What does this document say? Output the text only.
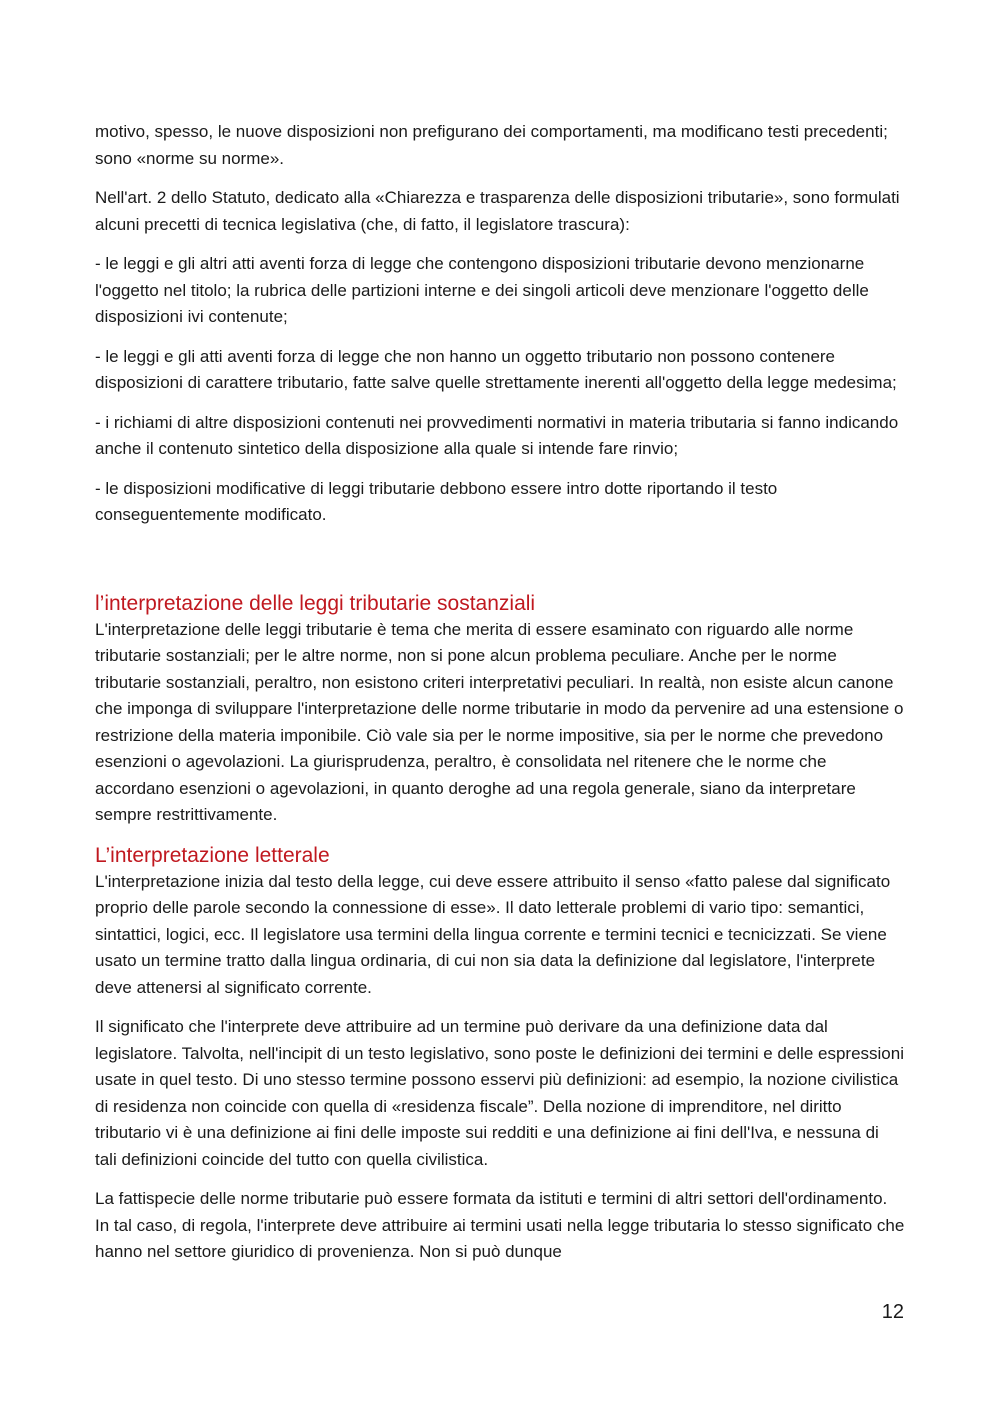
motivo, spesso, le nuove disposizioni non prefigurano dei comportamenti, ma modificano testi precedenti; sono «norme su norme».

Nell'art. 2 dello Statuto, dedicato alla «Chiarezza e trasparenza delle disposizioni tributarie», sono formulati alcuni precetti di tecnica legislativa (che, di fatto, il legislatore trascura):

- le leggi e gli altri atti aventi forza di legge che contengono disposizioni tributarie devono menzionarne l'oggetto nel titolo; la rubrica delle partizioni interne e dei singoli articoli deve menzionare l'oggetto delle disposizioni ivi contenute;

- le leggi e gli atti aventi forza di legge che non hanno un oggetto tributario non possono contenere disposizioni di carattere tributario, fatte salve quelle strettamente inerenti all'oggetto della legge medesima;

- i richiami di altre disposizioni contenuti nei provvedimenti normativi in materia tributaria si fanno indicando anche il contenuto sintetico della disposizione alla quale si intende fare rinvio;

- le disposizioni modificative di leggi tributarie debbono essere intro dotte riportando il testo conseguentemente modificato.

l’interpretazione delle leggi tributarie sostanziali

L'interpretazione delle leggi tributarie è tema che merita di essere esaminato con riguardo alle norme tributarie sostanziali; per le altre norme, non si pone alcun problema peculiare. Anche per le norme tributarie sostanziali, peraltro, non esistono criteri interpretativi peculiari. In realtà, non esiste alcun canone che imponga di sviluppare l'interpretazione delle norme tributarie in modo da pervenire ad una estensione o restrizione della materia imponibile. Ciò vale sia per le norme impositive, sia per le norme che prevedono esenzioni o agevolazioni. La giurisprudenza, peraltro, è consolidata nel ritenere che le norme che accordano esenzioni o agevolazioni, in quanto deroghe ad una regola generale, siano da interpretare sempre restrittivamente.

L’interpretazione letterale

L'interpretazione inizia dal testo della legge, cui deve essere attribuito il senso «fatto palese dal significato proprio delle parole secondo la connessione di esse». Il dato letterale problemi di vario tipo: semantici, sintattici, logici, ecc. Il legislatore usa termini della lingua corrente e termini tecnici e tecnicizzati. Se viene usato un termine tratto dalla lingua ordinaria, di cui non sia data la definizione dal legislatore, l'interprete deve attenersi al significato corrente.

Il significato che l'interprete deve attribuire ad un termine può derivare da una definizione data dal legislatore. Talvolta, nell'incipit di un testo legislativo, sono poste le definizioni dei termini e delle espressioni usate in quel testo. Di uno stesso termine possono esservi più definizioni: ad esempio, la nozione civilistica di residenza non coincide con quella di «residenza fiscale”. Della nozione di imprenditore, nel diritto tributario vi è una definizione ai fini delle imposte sui redditi e una definizione ai fini dell'Iva, e nessuna di tali definizioni coincide del tutto con quella civilistica.

La fattispecie delle norme tributarie può essere formata da istituti e termini di altri settori dell'ordinamento. In tal caso, di regola, l'interprete deve attribuire ai termini usati nella legge tributaria lo stesso significato che hanno nel settore giuridico di provenienza. Non si può dunque

12
